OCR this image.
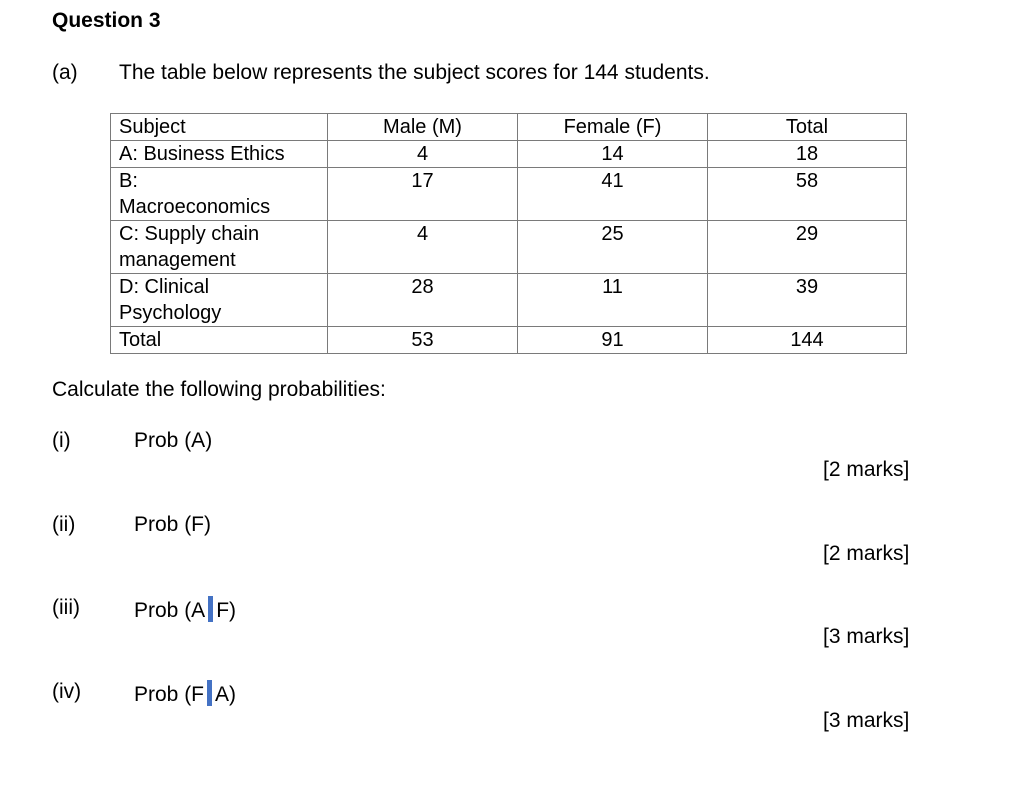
Question 3
(a) The table below represents the subject scores for 144 students.
Subject	Male (M)	Female (F)	Total
A: Business Ethics	4	14	18
B:
Macroeconomics	17	41	58
C: Supply chain
management	4	25	29
D: Clinical
Psychology	28	11	39
Total	53	91	144
Calculate the following probabilities:
(i)	Prob (A)
[2 marks]
(ii)	Prob (F)
[2 marks]
(iii)	Prob (A F)
[3 marks]
(iv)	Prob (F A)
[3 marks]
